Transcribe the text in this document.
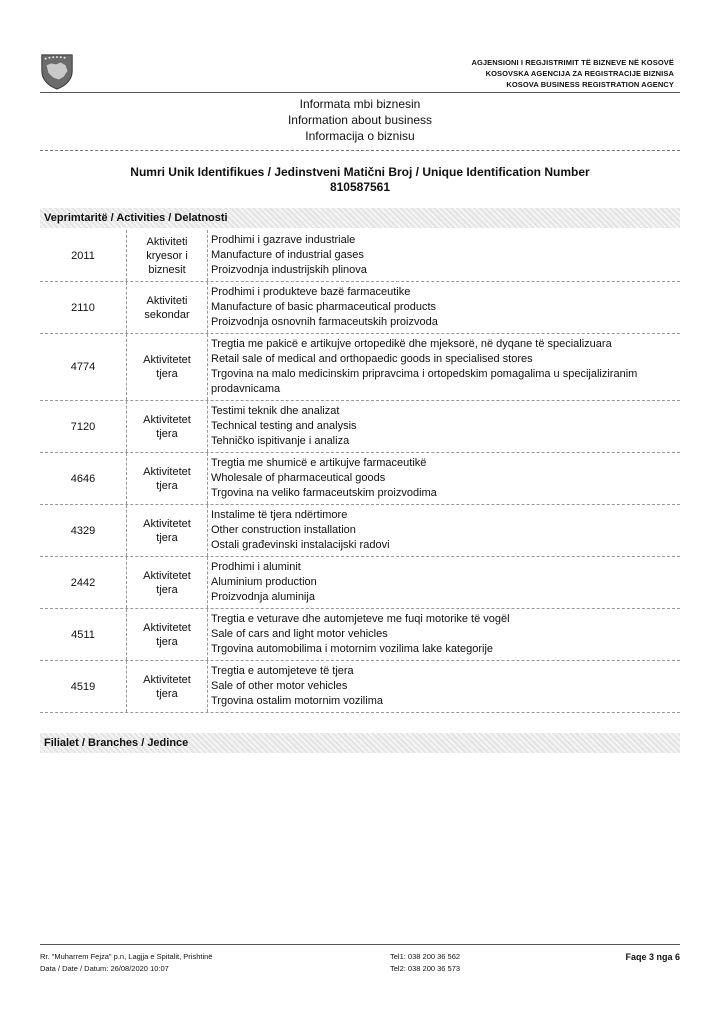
AGJENSIONI I REGJISTRIMIT TË BIZNEVE NË KOSOVË
KOSOVSKA AGENCIJA ZA REGISTRACIJE BIZNISA
KOSOVA BUSINESS REGISTRATION AGENCY
Informata mbi biznesin
Information about business
Informacija o biznisu
Numri Unik Identifikues / Jedinstveni Matični Broj / Unique Identification Number
810587561
Veprimtaritë / Activities / Delatnosti
2011
Aktiviteti
kryesor i
biznesit
Prodhimi i gazrave industriale
Manufacture of industrial gases
Proizvodnja industrijskih plinova
2110
Aktiviteti
sekondar
Prodhimi i produkteve bazë farmaceutike
Manufacture of basic pharmaceutical products
Proizvodnja osnovnih farmaceutskih proizvoda
4774
Aktivitetet
tjera
Tregtia me pakicë e artikujve ortopedikë dhe mjeksorë, në dyqane të specializuara
Retail sale of medical and orthopaedic goods in specialised stores
Trgovina na malo medicinskim pripravcima i ortopedskim pomagalima u specijaliziranim prodavnicama
7120
Aktivitetet
tjera
Testimi teknik dhe analizat
Technical testing and analysis
Tehničko ispitivanje i analiza
4646
Aktivitetet
tjera
Tregtia me shumicë e artikujve farmaceutikë
Wholesale of pharmaceutical goods
Trgovina na veliko farmaceutskim proizvodima
4329
Aktivitetet
tjera
Instalime të tjera ndërtimore
Other construction installation
Ostali građevinski instalacijski radovi
2442
Aktivitetet
tjera
Prodhimi i aluminit
Aluminium production
Proizvodnja aluminija
4511
Aktivitetet
tjera
Tregtia e veturave dhe automjeteve me fuqi motorike të vogël
Sale of cars and light motor vehicles
Trgovina automobilima i motornim vozilima lake kategorije
4519
Aktivitetet
tjera
Tregtia e automjeteve të tjera
Sale of other motor vehicles
Trgovina ostalim motornim vozilima
Filialet / Branches / Jedince
Rr. "Muharrem Fejza" p.n, Lagjja e Spitalit, Prishtinë
Data / Date / Datum: 26/08/2020 10:07
Tel1: 038 200 36 562
Tel2: 038 200 36 573
Faqe 3 nga 6
